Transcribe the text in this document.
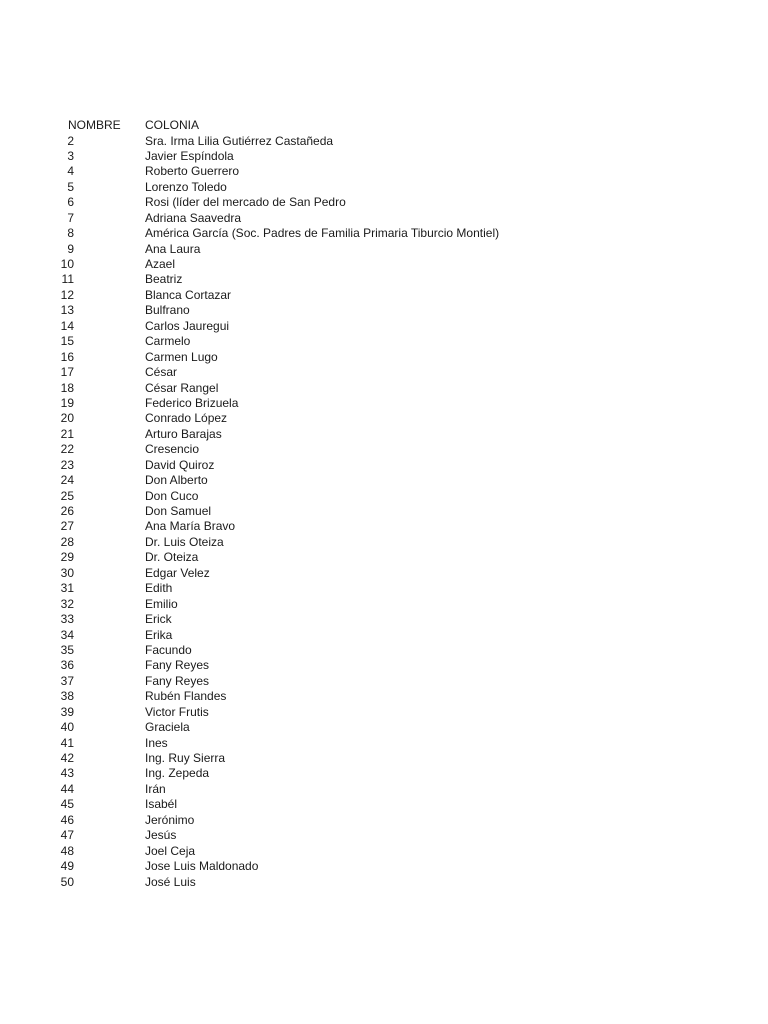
NOMBRE COLONIA
2	Sra. Irma Lilia Gutiérrez Castañeda
3	Javier Espíndola
4	Roberto Guerrero
5	Lorenzo Toledo
6	Rosi (líder del mercado de San Pedro
7	Adriana Saavedra
8	América García (Soc. Padres de Familia Primaria Tiburcio Montiel)
9	Ana Laura
10	Azael
11	Beatriz
12	Blanca Cortazar
13	Bulfrano
14	Carlos Jauregui
15	Carmelo
16	Carmen Lugo
17	César
18	César Rangel
19	Federico Brizuela
20	Conrado López
21	Arturo Barajas
22	Cresencio
23	David Quiroz
24	Don Alberto
25	Don Cuco
26	Don Samuel
27	Ana María Bravo
28	Dr. Luis Oteiza
29	Dr. Oteiza
30	Edgar Velez
31	Edith
32	Emilio
33	Erick
34	Erika
35	Facundo
36	Fany Reyes
37	Fany Reyes
38	Rubén Flandes
39	Victor Frutis
40	Graciela
41	Ines
42	Ing. Ruy Sierra
43	Ing. Zepeda
44	Irán
45	Isabél
46	Jerónimo
47	Jesús
48	Joel Ceja
49	Jose Luis Maldonado
50	José Luis
